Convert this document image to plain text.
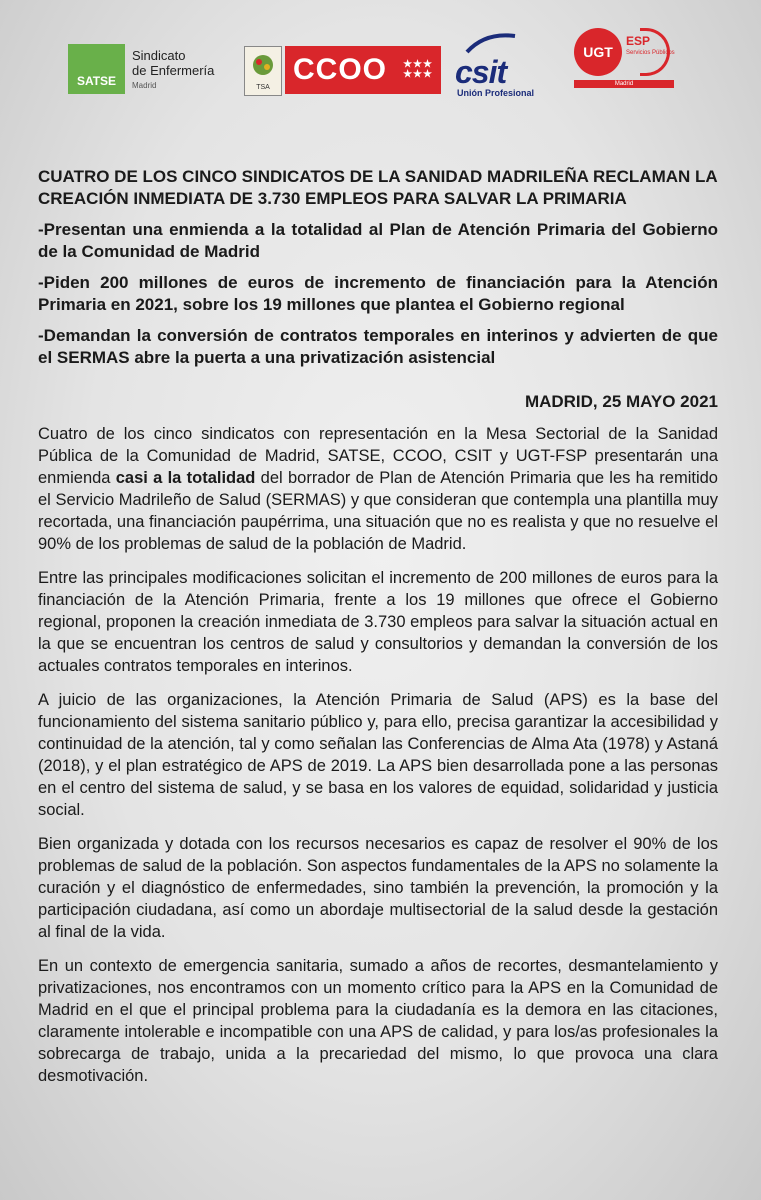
SATSE
Sindicato
de Enfermería
Madrid	TSA
CCOO ★★★
★★★ csit
Unión Profesional
UGT
ESP
Servicios Públicos
Madrid
CUATRO DE LOS CINCO SINDICATOS DE LA SANIDAD MADRILEÑA RECLAMAN LA CREACIÓN INMEDIATA DE 3.730 EMPLEOS PARA SALVAR LA PRIMARIA
-Presentan una enmienda a la totalidad al Plan de Atención Primaria del Gobierno de la Comunidad de Madrid
-Piden 200 millones de euros de incremento de financiación para la Atención Primaria en 2021, sobre los 19 millones que plantea el Gobierno regional
-Demandan la conversión de contratos temporales en interinos y advierten de que el SERMAS abre la puerta a una privatización asistencial
MADRID, 25 MAYO 2021

Cuatro de los cinco sindicatos con representación en la Mesa Sectorial de la Sanidad Pública de la Comunidad de Madrid, SATSE, CCOO, CSIT y UGT-FSP presentarán una enmienda casi a la totalidad del borrador de Plan de Atención Primaria que les ha remitido el Servicio Madrileño de Salud (SERMAS) y que consideran que contempla una plantilla muy recortada, una financiación paupérrima, una situación que no es realista y que no resuelve el 90% de los problemas de salud de la población de Madrid.

Entre las principales modificaciones solicitan el incremento de 200 millones de euros para la financiación de la Atención Primaria, frente a los 19 millones que ofrece el Gobierno regional, proponen la creación inmediata de 3.730 empleos para salvar la situación actual en la que se encuentran los centros de salud y consultorios y demandan la conversión de los actuales contratos temporales en interinos.

A juicio de las organizaciones, la Atención Primaria de Salud (APS) es la base del funcionamiento del sistema sanitario público y, para ello, precisa garantizar la accesibilidad y continuidad de la atención, tal y como señalan las Conferencias de Alma Ata (1978) y Astaná (2018), y el plan estratégico de APS de 2019. La APS bien desarrollada pone a las personas en el centro del sistema de salud, y se basa en los valores de equidad, solidaridad y justicia social.

Bien organizada y dotada con los recursos necesarios es capaz de resolver el 90% de los problemas de salud de la población. Son aspectos fundamentales de la APS no solamente la curación y el diagnóstico de enfermedades, sino también la prevención, la promoción y la participación ciudadana, así como un abordaje multisectorial de la salud desde la gestación al final de la vida.

En un contexto de emergencia sanitaria, sumado a años de recortes, desmantelamiento y privatizaciones, nos encontramos con un momento crítico para la APS en la Comunidad de Madrid en el que el principal problema para la ciudadanía es la demora en las citaciones, claramente intolerable e incompatible con una APS de calidad, y para los/as profesionales la sobrecarga de trabajo, unida a la precariedad del mismo, lo que provoca una clara desmotivación.
